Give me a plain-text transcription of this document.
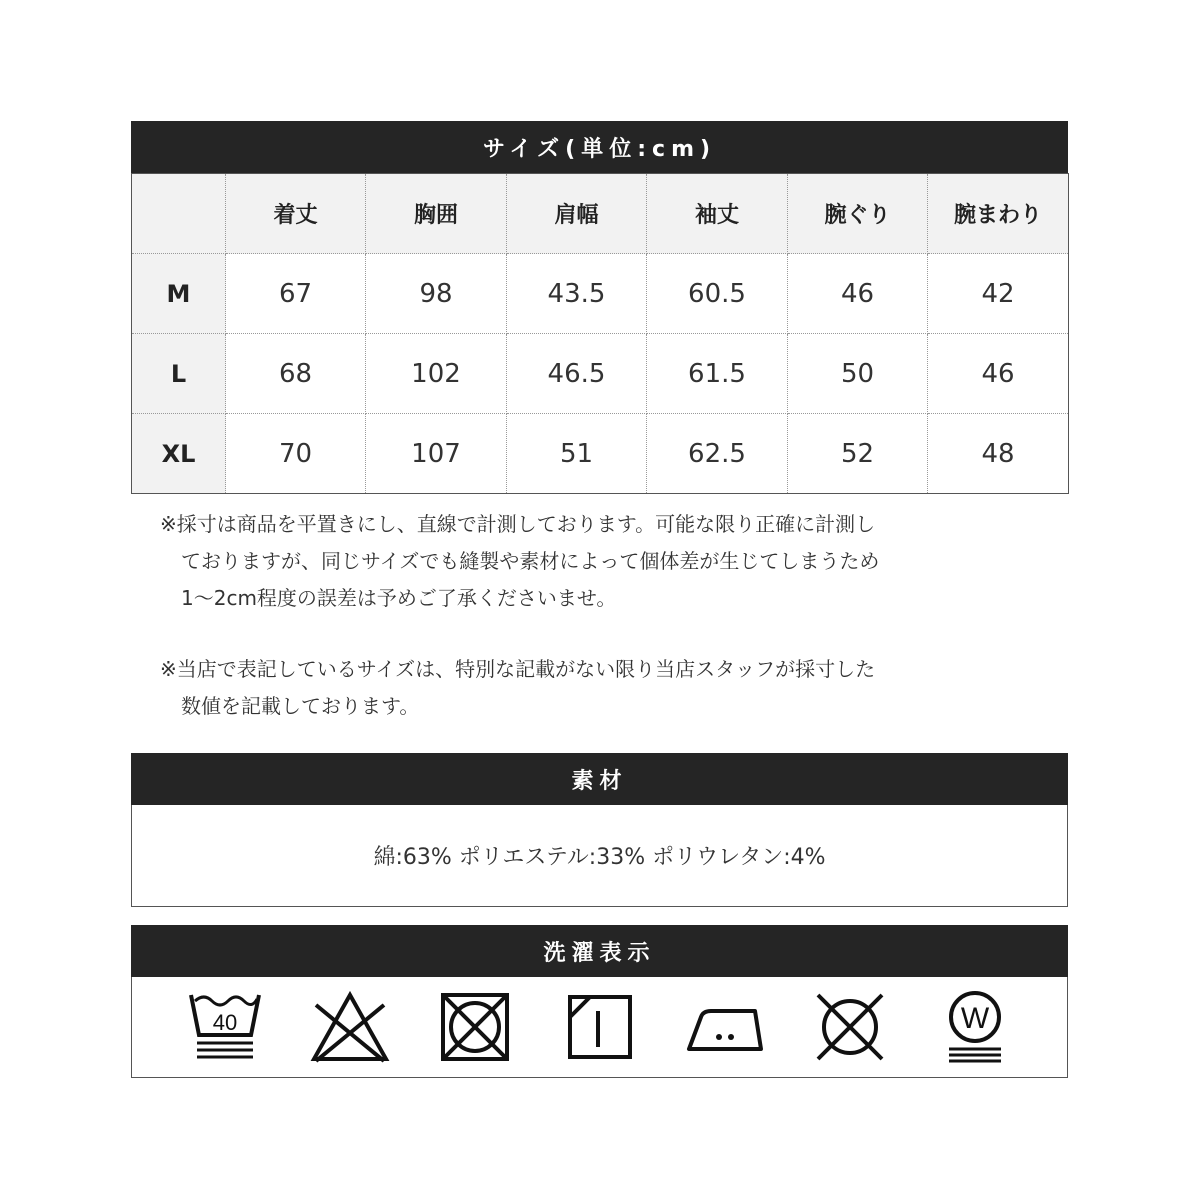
サイズ(単位:cm)
	着丈	胸囲	肩幅	袖丈	腕ぐり	腕まわり
M	67	98	43.5	60.5	46	42
L	68	102	46.5	61.5	50	46
XL	70	107	51	62.5	52	48

※採寸は商品を平置きにし、直線で計測しております。可能な限り正確に計測し

ておりますが、同じサイズでも縫製や素材によって個体差が生じてしまうため

1～2cm程度の誤差は予めご了承くださいませ。

※当店で表記しているサイズは、特別な記載がない限り当店スタッフが採寸した

数値を記載しております。

素材
綿:63% ポリエステル:33% ポリウレタン:4%
洗濯表示
40	W
